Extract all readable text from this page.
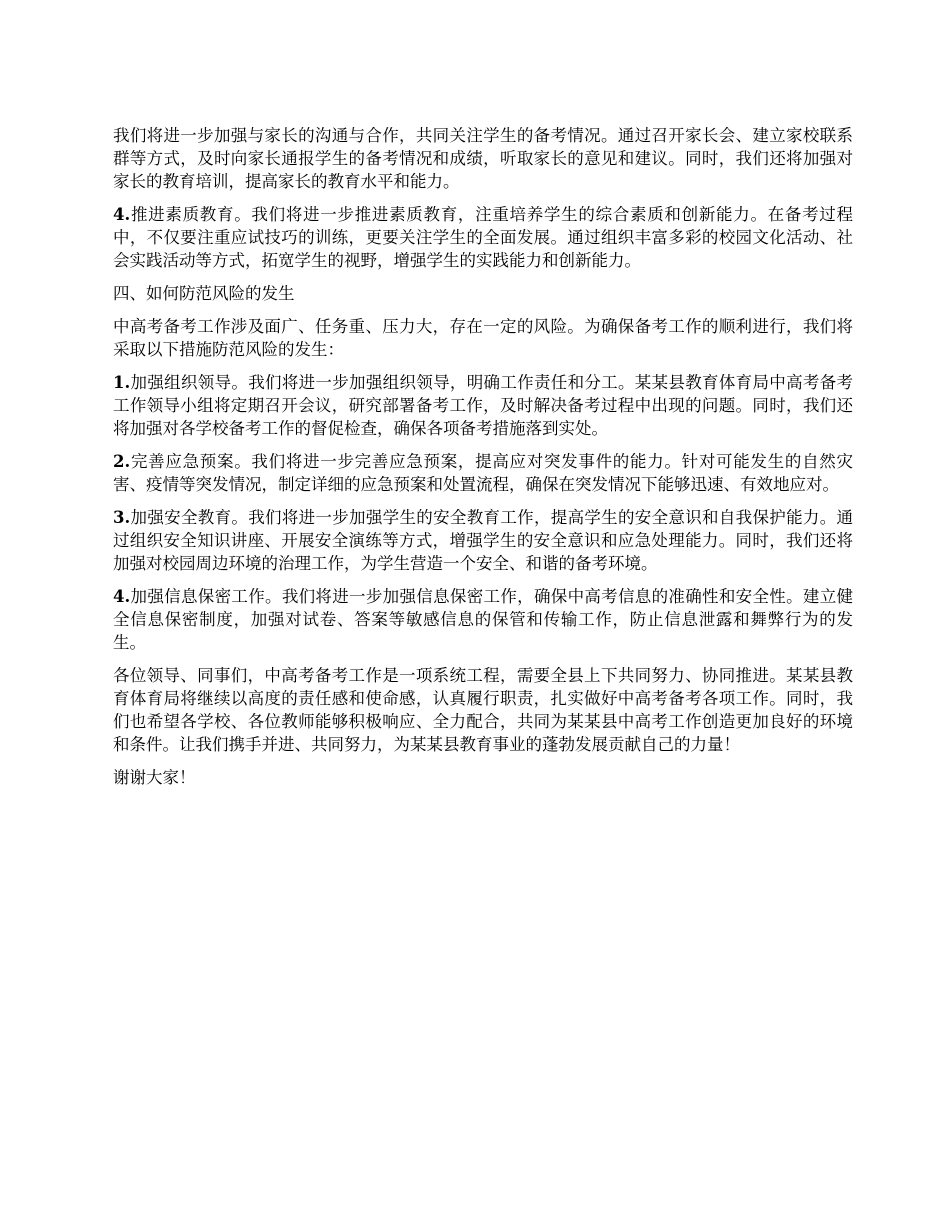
我们将进一步加强与家长的沟通与合作，共同关注学生的备考情况。通过召开家长会、建立家校联系群等方式，及时向家长通报学生的备考情况和成绩，听取家长的意见和建议。同时，我们还将加强对家长的教育培训，提高家长的教育水平和能力。

4.推进素质教育。我们将进一步推进素质教育，注重培养学生的综合素质和创新能力。在备考过程中，不仅要注重应试技巧的训练，更要关注学生的全面发展。通过组织丰富多彩的校园文化活动、社会实践活动等方式，拓宽学生的视野，增强学生的实践能力和创新能力。

四、如何防范风险的发生

中高考备考工作涉及面广、任务重、压力大，存在一定的风险。为确保备考工作的顺利进行，我们将采取以下措施防范风险的发生：

1.加强组织领导。我们将进一步加强组织领导，明确工作责任和分工。某某县教育体育局中高考备考工作领导小组将定期召开会议，研究部署备考工作，及时解决备考过程中出现的问题。同时，我们还将加强对各学校备考工作的督促检查，确保各项备考措施落到实处。

2.完善应急预案。我们将进一步完善应急预案，提高应对突发事件的能力。针对可能发生的自然灾害、疫情等突发情况，制定详细的应急预案和处置流程，确保在突发情况下能够迅速、有效地应对。

3.加强安全教育。我们将进一步加强学生的安全教育工作，提高学生的安全意识和自我保护能力。通过组织安全知识讲座、开展安全演练等方式，增强学生的安全意识和应急处理能力。同时，我们还将加强对校园周边环境的治理工作，为学生营造一个安全、和谐的备考环境。

4.加强信息保密工作。我们将进一步加强信息保密工作，确保中高考信息的准确性和安全性。建立健全信息保密制度，加强对试卷、答案等敏感信息的保管和传输工作，防止信息泄露和舞弊行为的发生。

各位领导、同事们，中高考备考工作是一项系统工程，需要全县上下共同努力、协同推进。某某县教育体育局将继续以高度的责任感和使命感，认真履行职责，扎实做好中高考备考各项工作。同时，我们也希望各学校、各位教师能够积极响应、全力配合，共同为某某县中高考工作创造更加良好的环境和条件。让我们携手并进、共同努力，为某某县教育事业的蓬勃发展贡献自己的力量！

谢谢大家！
